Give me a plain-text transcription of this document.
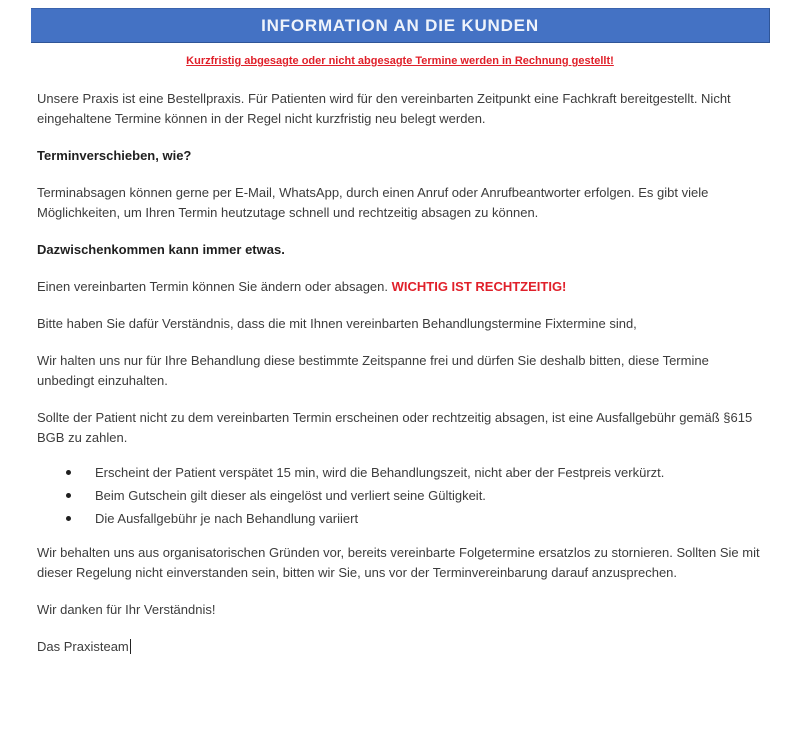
INFORMATION AN DIE KUNDEN
Kurzfristig abgesagte oder nicht abgesagte Termine werden in Rechnung gestellt!

Unsere Praxis ist eine Bestellpraxis. Für Patienten wird für den vereinbarten Zeitpunkt eine Fachkraft bereitgestellt. Nicht eingehaltene Termine können in der Regel nicht kurzfristig neu belegt werden.

Terminverschieben, wie?

Terminabsagen können gerne per E-Mail, WhatsApp, durch einen Anruf oder Anrufbeantworter erfolgen. Es gibt viele Möglichkeiten, um Ihren Termin heutzutage schnell und rechtzeitig absagen zu können.

Dazwischenkommen kann immer etwas.

Einen vereinbarten Termin können Sie ändern oder absagen. WICHTIG IST RECHTZEITIG!

Bitte haben Sie dafür Verständnis, dass die mit Ihnen vereinbarten Behandlungstermine Fixtermine sind,

Wir halten uns nur für Ihre Behandlung diese bestimmte Zeitspanne frei und dürfen Sie deshalb bitten, diese Termine unbedingt einzuhalten.

Sollte der Patient nicht zu dem vereinbarten Termin erscheinen oder rechtzeitig absagen, ist eine Ausfallgebühr gemäß §615 BGB zu zahlen.

Erscheint der Patient verspätet 15 min, wird die Behandlungszeit, nicht aber der Festpreis verkürzt.
Beim Gutschein gilt dieser als eingelöst und verliert seine Gültigkeit.
Die Ausfallgebühr je nach Behandlung variiert

Wir behalten uns aus organisatorischen Gründen vor, bereits vereinbarte Folgetermine ersatzlos zu stornieren. Sollten Sie mit dieser Regelung nicht einverstanden sein, bitten wir Sie, uns vor der Terminvereinbarung darauf anzusprechen.

Wir danken für Ihr Verständnis!

Das Praxisteam
